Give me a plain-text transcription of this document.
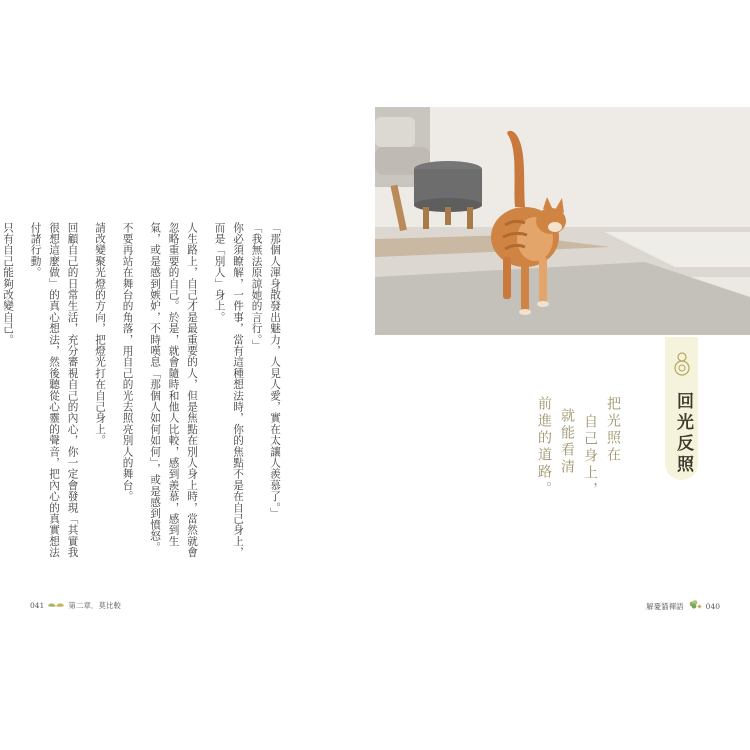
「那個人渾身散發出魅力，人見人愛，實在太讓人羨慕了。」

「我無法原諒她的言行。」

你必須瞭解，一件事，當有這種想法時，你的焦點不是在自己身上，而是「別人」身上。

人生路上，自己才是最重要的人，但是焦點在別人身上時，當然就會忽略重要的自己。於是，就會隨時和他人比較，感到羨慕，感到生氣，或是感到嫉妒，不時嘆息「那個人如何如何」，或是感到憤怒。

不要再站在舞台的角落，用自己的光去照亮別人的舞台。

請改變聚光燈的方向，把燈光打在自己身上。

回顧自己的日常生活，充分審視自己的內心，你一定會發現「其實我很想這麼做」的真心想法，然後聽從心靈的聲音，把內心的真實想法付諸行動。

只有自己能夠改變自己。

041	第二章．莫比較
把光照在
自己身上，
就能看清
前進的道路。	回光反照
解憂貓禪語	040
